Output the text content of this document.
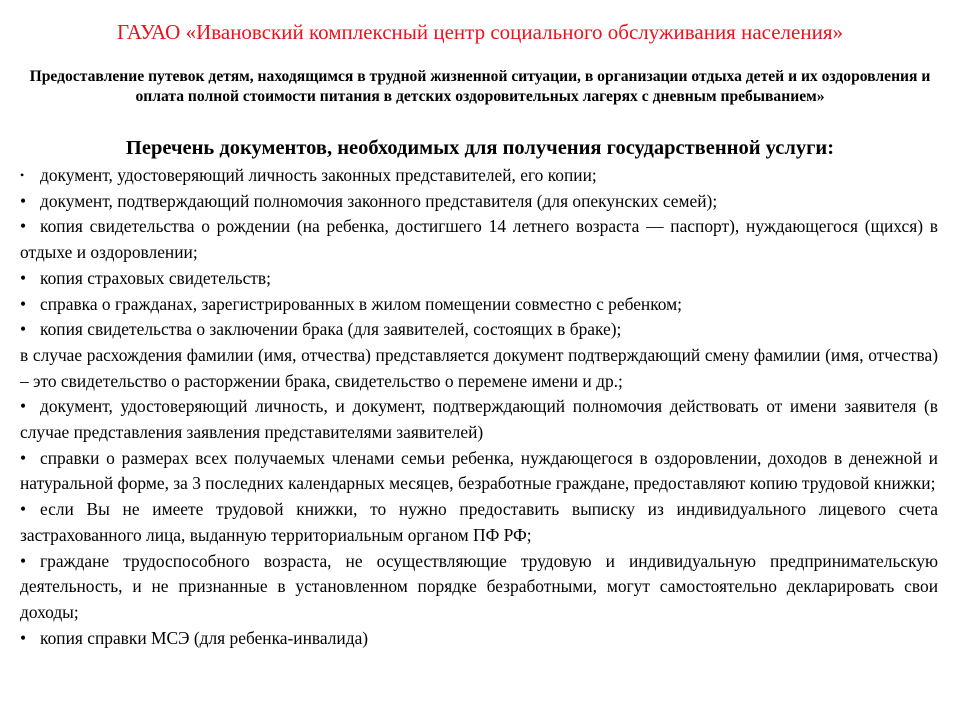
ГАУАО «Ивановский комплексный центр социального обслуживания населения»
Предоставление путевок детям, находящимся в трудной жизненной ситуации, в организации отдыха детей и их оздоровления и оплата полной стоимости питания в детских оздоровительных лагерях с дневным пребыванием»
Перечень документов, необходимых для получения государственной услуги:
• документ, удостоверяющий личность законных представителей, его копии;
• документ, подтверждающий полномочия законного представителя (для опекунских семей);
• копия свидетельства о рождении (на ребенка, достигшего 14 летнего возраста — паспорт), нуждающегося (щихся) в отдыхе и оздоровлении;
• копия страховых свидетельств;
• справка о гражданах, зарегистрированных в жилом помещении совместно с ребенком;
• копия свидетельства о заключении брака (для заявителей, состоящих в браке);
в случае расхождения фамилии (имя, отчества) представляется документ подтверждающий смену фамилии (имя, отчества) – это свидетельство о расторжении брака, свидетельство о перемене имени и др.;
• документ, удостоверяющий личность, и документ, подтверждающий полномочия действовать от имени заявителя (в случае представления заявления представителями заявителей)
• справки о размерах всех получаемых членами семьи ребенка, нуждающегося в оздоровлении, доходов в денежной и натуральной форме, за 3 последних календарных месяцев, безработные граждане, предоставляют копию трудовой книжки;
• если Вы не имеете трудовой книжки, то нужно предоставить выписку из индивидуального лицевого счета застрахованного лица, выданную территориальным органом ПФ РФ;
• граждане трудоспособного возраста, не осуществляющие трудовую и индивидуальную предпринимательскую деятельность, и не признанные в установленном порядке безработными, могут самостоятельно декларировать свои доходы;
• копия справки МСЭ (для ребенка-инвалида)
